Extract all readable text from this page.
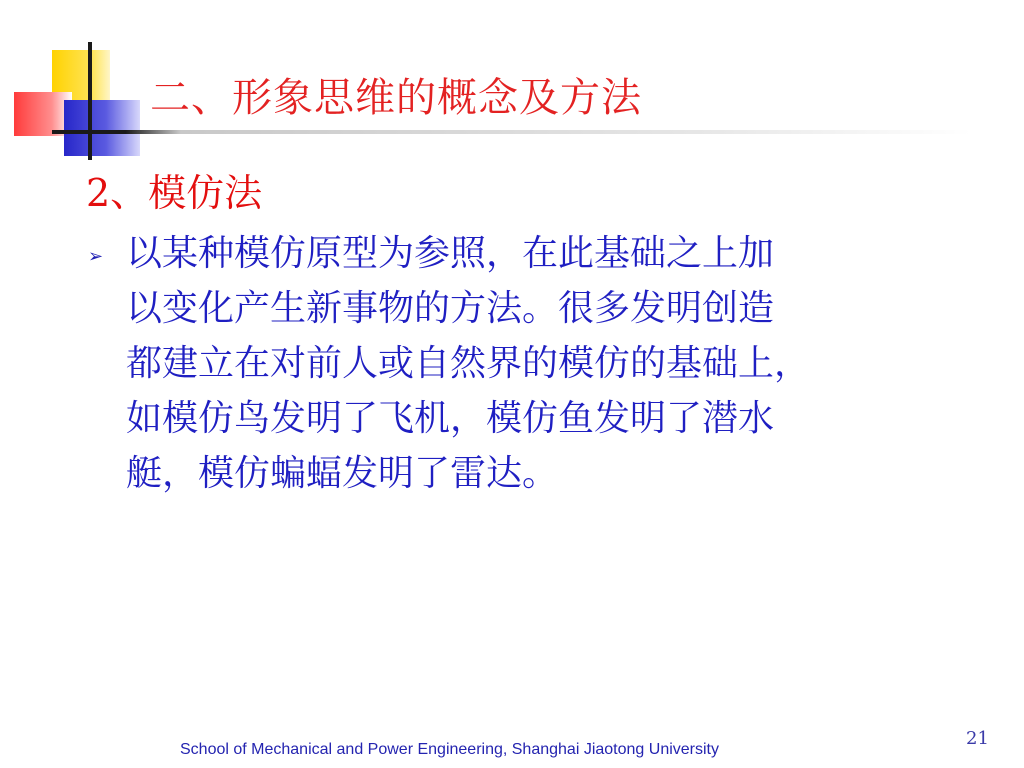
二、形象思维的概念及方法
2、模仿法
➢ 以某种模仿原型为参照，在此基础之上加

以变化产生新事物的方法。很多发明创造

都建立在对前人或自然界的模仿的基础上，

如模仿鸟发明了飞机，模仿鱼发明了潜水

艇，模仿蝙蝠发明了雷达。

21
School of Mechanical and Power Engineering, Shanghai Jiaotong University
